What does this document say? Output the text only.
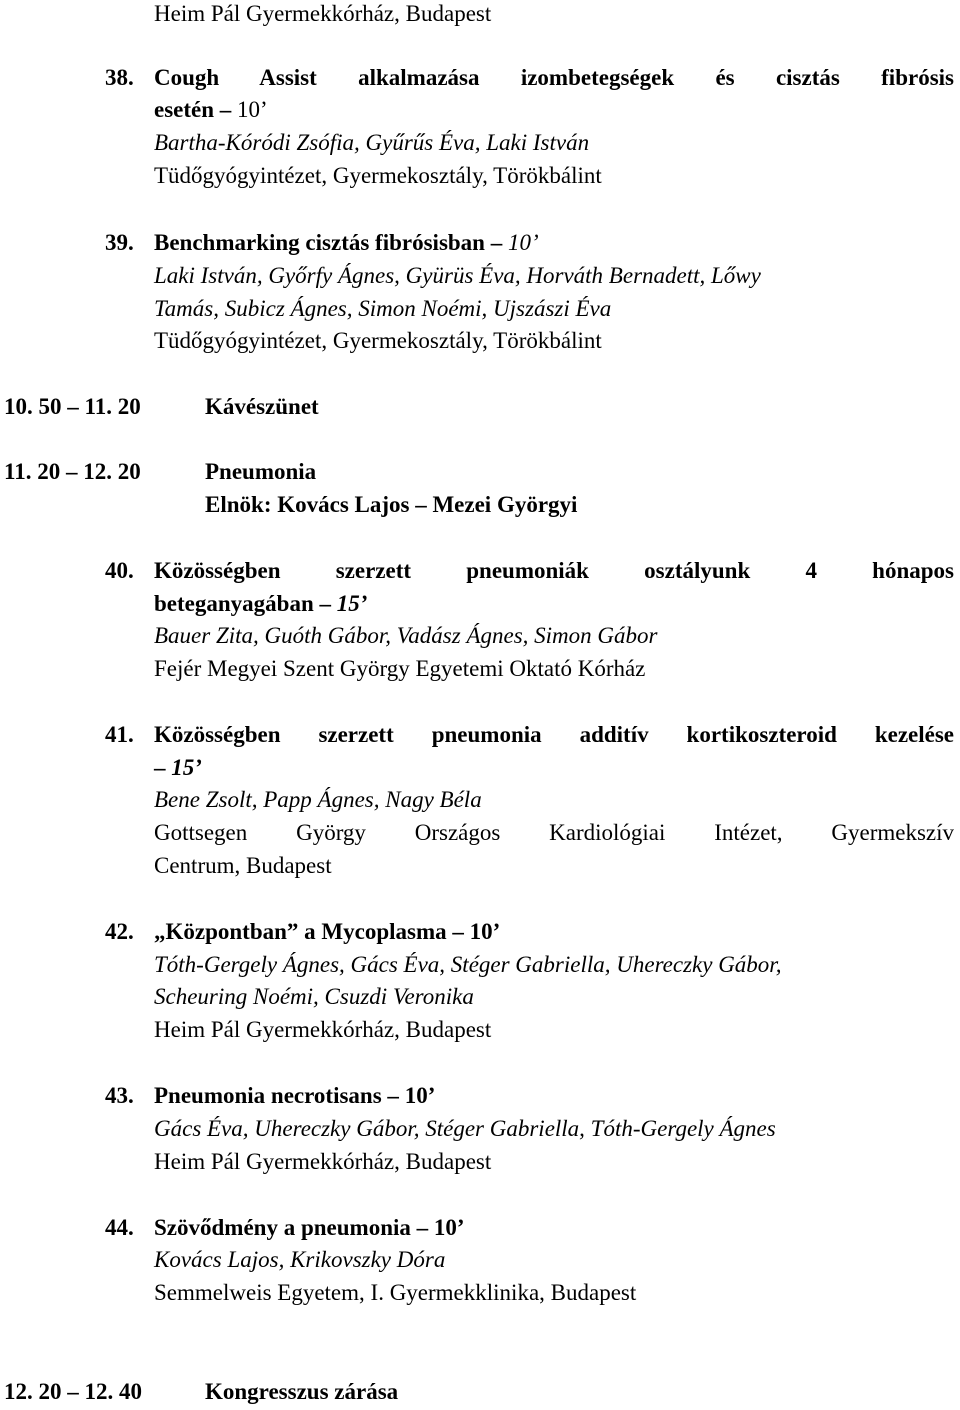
Heim Pál Gyermekkórház, Budapest
38. Cough Assist alkalmazása izombetegségek és cisztás fibrósis
esetén – 10’
Bartha-Kóródi Zsófia, Gyűrűs Éva, Laki István
Tüdőgyógyintézet, Gyermekosztály, Törökbálint
39. Benchmarking cisztás fibrósisban – 10’
Laki István, Győrfy Ágnes, Gyürüs Éva, Horváth Bernadett, Lőwy
Tamás, Subicz Ágnes, Simon Noémi, Ujszászi Éva
Tüdőgyógyintézet, Gyermekosztály, Törökbálint
10. 50 – 11. 20	Kávészünet
11. 20 – 12. 20	Pneumonia
Elnök: Kovács Lajos – Mezei Györgyi
40. Közösségben szerzett pneumoniák osztályunk 4 hónapos
beteganyagában – 15’
Bauer Zita, Guóth Gábor, Vadász Ágnes, Simon Gábor
Fejér Megyei Szent György Egyetemi Oktató Kórház
41. Közösségben szerzett pneumonia additív kortikoszteroid kezelése
– 15’
Bene Zsolt, Papp Ágnes, Nagy Béla
Gottsegen György Országos Kardiológiai Intézet, Gyermekszív
Centrum, Budapest
42. „Központban” a Mycoplasma – 10’
Tóth-Gergely Ágnes, Gács Éva, Stéger Gabriella, Uhereczky Gábor,
Scheuring Noémi, Csuzdi Veronika
Heim Pál Gyermekkórház, Budapest
43. Pneumonia necrotisans – 10’
Gács Éva, Uhereczky Gábor, Stéger Gabriella, Tóth-Gergely Ágnes
Heim Pál Gyermekkórház, Budapest
44. Szövődmény a pneumonia – 10’
Kovács Lajos, Krikovszky Dóra
Semmelweis Egyetem, I. Gyermekklinika, Budapest
12. 20 – 12. 40	Kongresszus zárása
